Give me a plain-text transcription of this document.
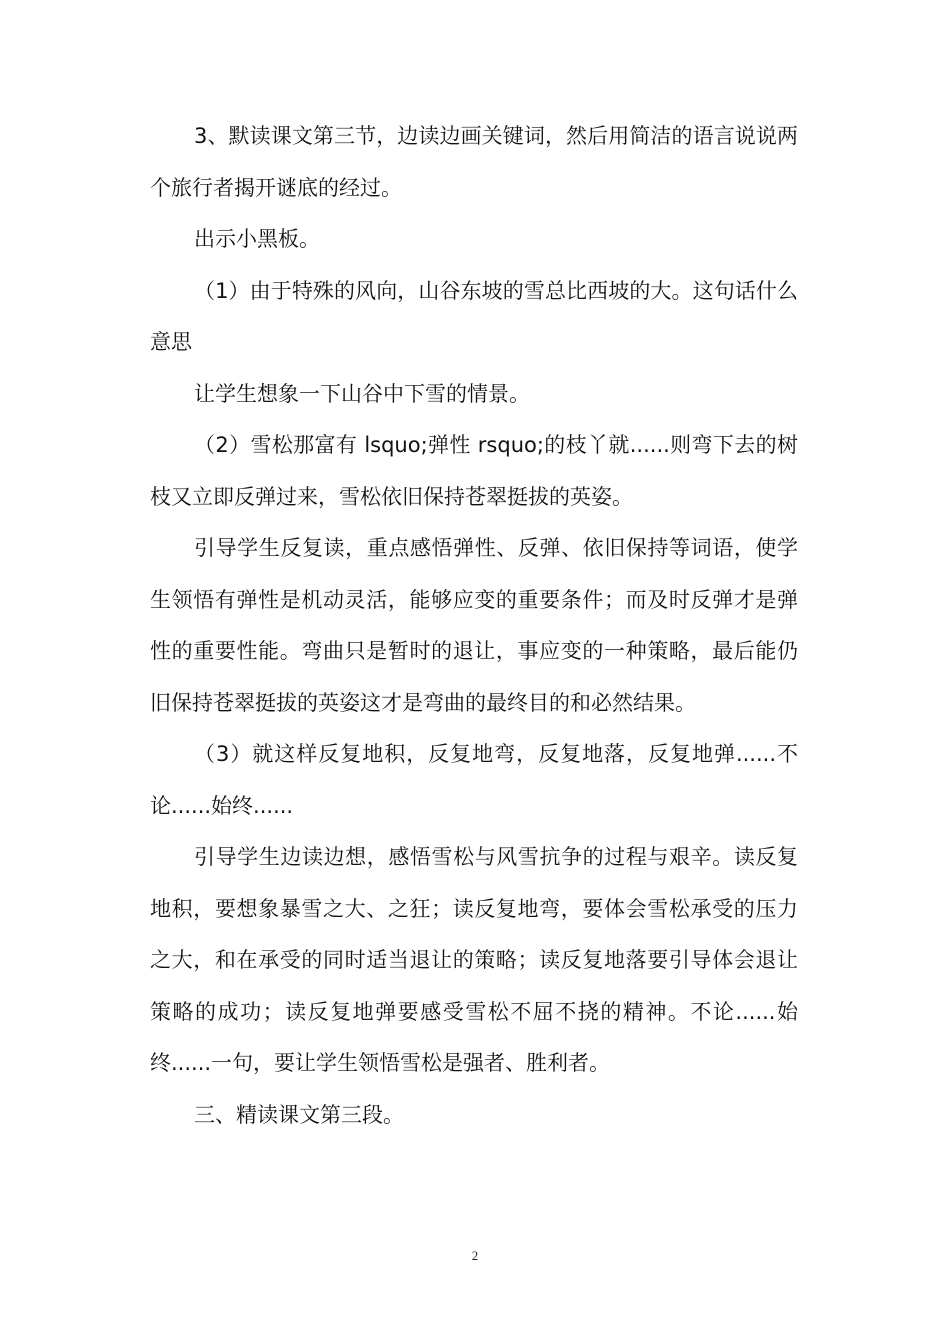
3、默读课文第三节，边读边画关键词，然后用简洁的语言说说两个旅行者揭开谜底的经过。

出示小黑板。

（1）由于特殊的风向，山谷东坡的雪总比西坡的大。这句话什么意思

让学生想象一下山谷中下雪的情景。

（2）雪松那富有 lsquo;弹性 rsquo;的枝丫就......则弯下去的树枝又立即反弹过来，雪松依旧保持苍翠挺拔的英姿。

引导学生反复读，重点感悟弹性、反弹、依旧保持等词语，使学生领悟有弹性是机动灵活，能够应变的重要条件；而及时反弹才是弹性的重要性能。弯曲只是暂时的退让，事应变的一种策略，最后能仍旧保持苍翠挺拔的英姿这才是弯曲的最终目的和必然结果。

（3）就这样反复地积，反复地弯，反复地落，反复地弹......不论......始终......

引导学生边读边想，感悟雪松与风雪抗争的过程与艰辛。读反复地积，要想象暴雪之大、之狂；读反复地弯，要体会雪松承受的压力之大，和在承受的同时适当退让的策略；读反复地落要引导体会退让策略的成功；读反复地弹要感受雪松不屈不挠的精神。不论......始终......一句，要让学生领悟雪松是强者、胜利者。

三、精读课文第三段。

2
